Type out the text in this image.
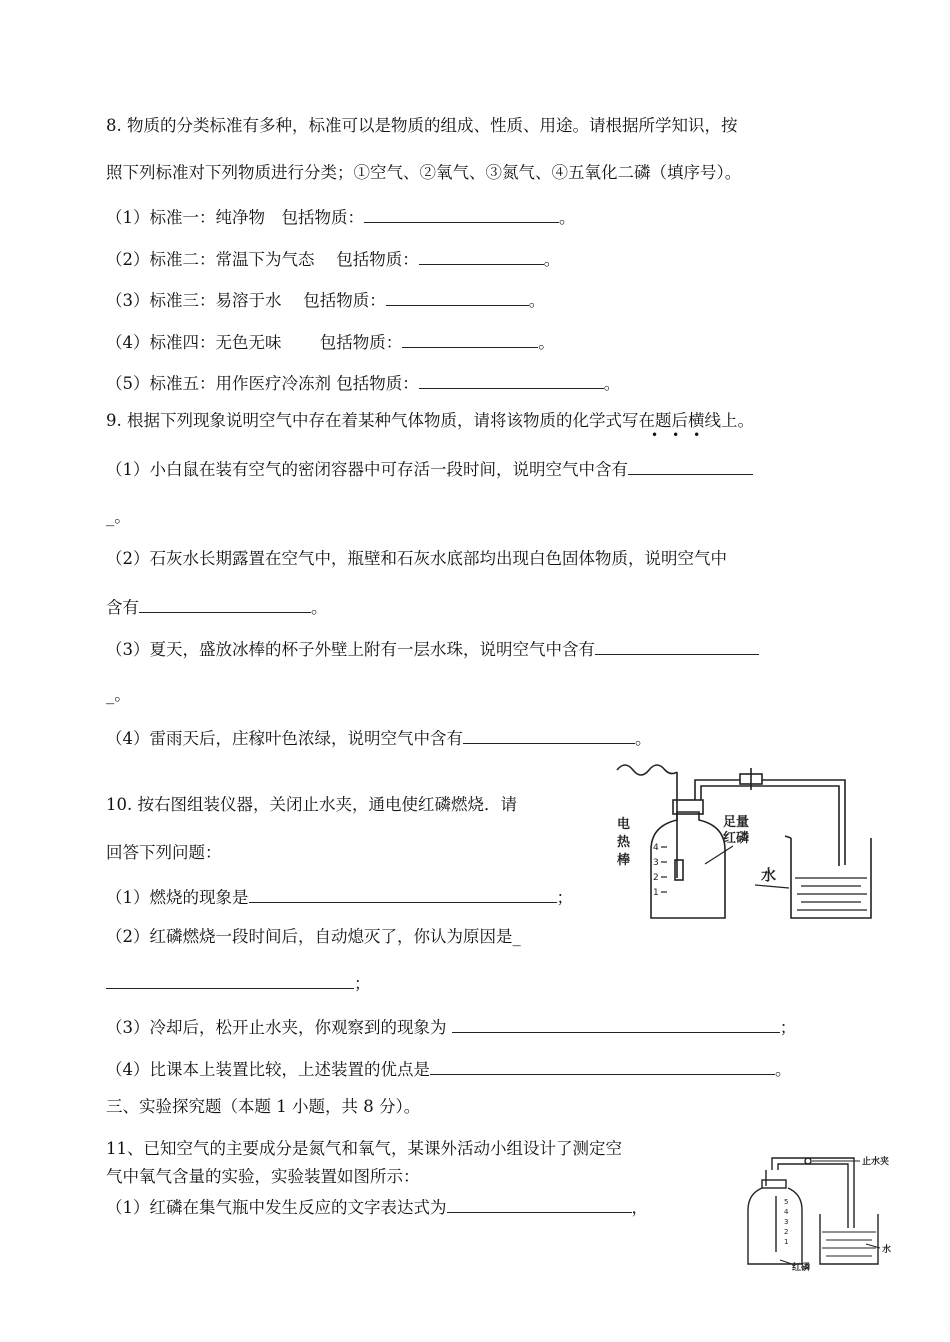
8. 物质的分类标准有多种，标准可以是物质的组成、性质、用途。请根据所学知识，按
照下列标准对下列物质进行分类；①空气、②氧气、③氮气、④五氧化二磷（填序号）。
（1）标准一：纯净物　包括物质：	。
（2）标准二：常温下为气态　 包括物质：	。
（3）标准三：易溶于水　 包括物质：	。
（4）标准四：无色无味　　 包括物质：	。
（5）标准五：用作医疗冷冻剂 包括物质：	。
9. 根据下列现象说明空气中存在着某种气体物质，请将该物质的化学式写在题后横线上。
•••
（1）小白鼠在装有空气的密闭容器中可存活一段时间，说明空气中含有
_。
（2）石灰水长期露置在空气中，瓶壁和石灰水底部均出现白色固体物质，说明空气中
含有	。
（3）夏天，盛放冰棒的杯子外壁上附有一层水珠，说明空气中含有
_。
（4）雷雨天后，庄稼叶色浓绿，说明空气中含有	。
10. 按右图组装仪器，关闭止水夹，通电使红磷燃烧．请
回答下列问题：
（1）燃烧的现象是	；
（2）红磷燃烧一段时间后，自动熄灭了，你认为原因是_
；
（3）冷却后，松开止水夹，你观察到的现象为	；
（4）比课本上装置比较，上述装置的优点是	。
三、实验探究题（本题 1 小题，共 8 分）。
11、已知空气的主要成分是氮气和氧气，某课外活动小组设计了测定空
气中氧气含量的实验，实验装置如图所示：
（1）红磷在集气瓶中发生反应的文字表达式为	，
电
热
棒
足量
红磷
水
4
3
2
1
止水夹
水
红磷
5
4
3
2
1
